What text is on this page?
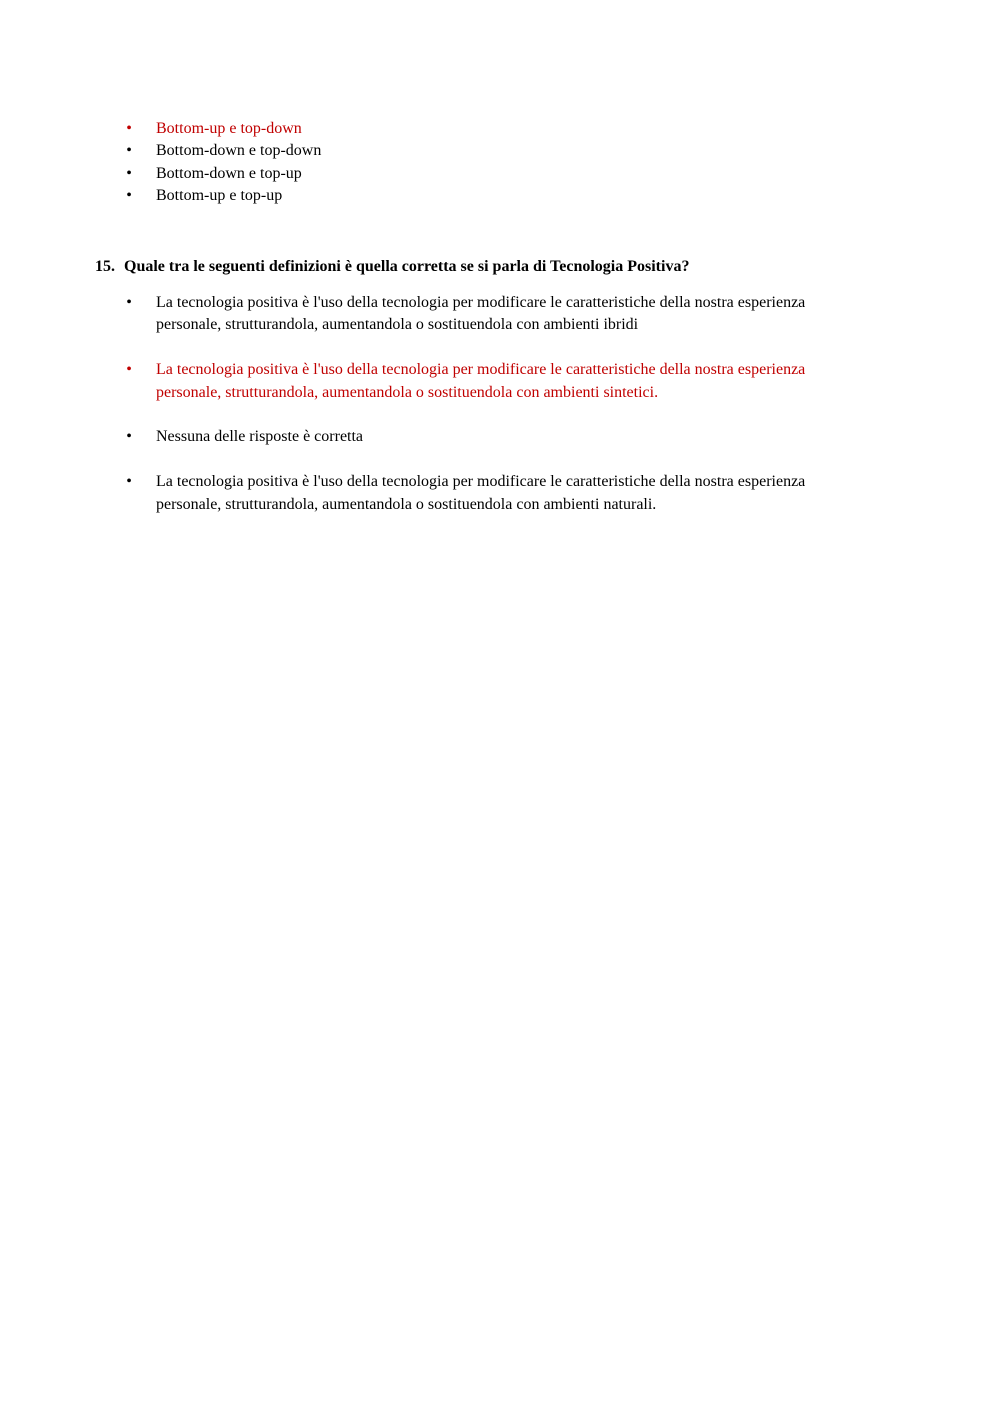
• Bottom-up e top-down
• Bottom-down e top-down
• Bottom-down e top-up
• Bottom-up e top-up
15. Quale tra le seguenti definizioni è quella corretta se si parla di Tecnologia Positiva?
• La tecnologia positiva è l'uso della tecnologia per modificare le caratteristiche della nostra esperienza personale, strutturandola, aumentandola o sostituendola con ambienti ibridi
• La tecnologia positiva è l'uso della tecnologia per modificare le caratteristiche della nostra esperienza personale, strutturandola, aumentandola o sostituendola con ambienti sintetici.
• Nessuna delle risposte è corretta
• La tecnologia positiva è l'uso della tecnologia per modificare le caratteristiche della nostra esperienza personale, strutturandola, aumentandola o sostituendola con ambienti naturali.
